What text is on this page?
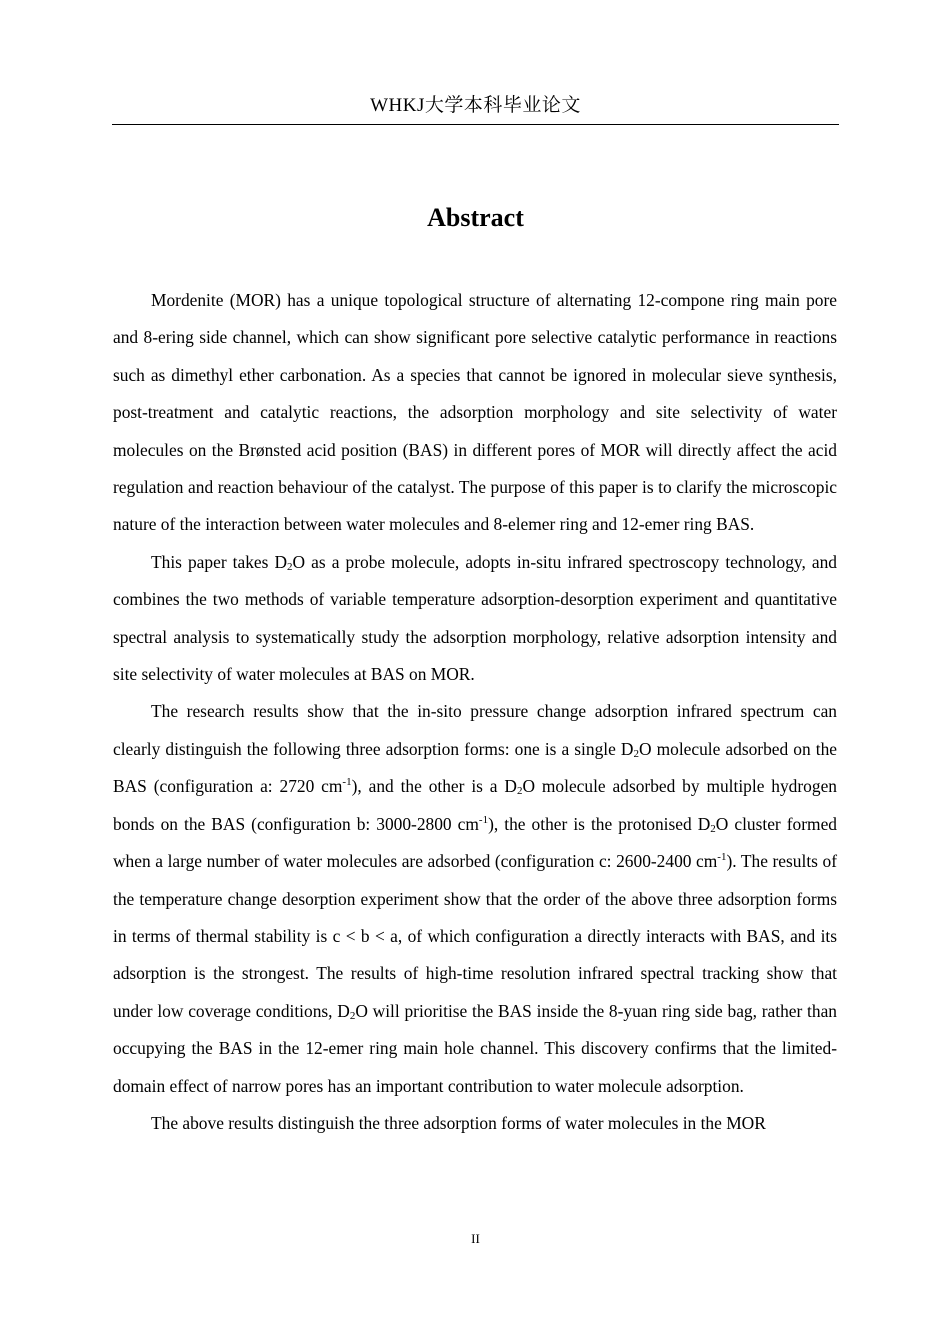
WHKJ大学本科毕业论文
Abstract

Mordenite (MOR) has a unique topological structure of alternating 12-compone ring main pore and 8-ering side channel, which can show significant pore selective catalytic performance in reactions such as dimethyl ether carbonation. As a species that cannot be ignored in molecular sieve synthesis, post-treatment and catalytic reactions, the adsorption morphology and site selectivity of water molecules on the Brønsted acid position (BAS) in different pores of MOR will directly affect the acid regulation and reaction behaviour of the catalyst. The purpose of this paper is to clarify the microscopic nature of the interaction between water molecules and 8-elemer ring and 12-emer ring BAS.

This paper takes $D_2O$ as a probe molecule, adopts in-situ infrared spectroscopy technology, and combines the two methods of variable temperature adsorption-desorption experiment and quantitative spectral analysis to systematically study the adsorption morphology, relative adsorption intensity and site selectivity of water molecules at BAS on MOR.

The research results show that the in-sito pressure change adsorption infrared spectrum can clearly distinguish the following three adsorption forms: one is a single $D_2O$ molecule adsorbed on the BAS (configuration a: 2720 $cm^{-1}$), and the other is a $D_2O$ molecule adsorbed by multiple hydrogen bonds on the BAS (configuration b: 3000-2800 $cm^{-1}$), the other is the protonised $D_2O$ cluster formed when a large number of water molecules are adsorbed (configuration c: 2600-2400 $cm^{-1}$). The results of the temperature change desorption experiment show that the order of the above three adsorption forms in terms of thermal stability is c < b < a, of which configuration a directly interacts with BAS, and its adsorption is the strongest. The results of high-time resolution infrared spectral tracking show that under low coverage conditions, $D_2O$ will prioritise the BAS inside the 8-yuan ring side bag, rather than occupying the BAS in the 12-emer ring main hole channel. This discovery confirms that the limited-domain effect of narrow pores has an important contribution to water molecule adsorption.

The above results distinguish the three adsorption forms of water molecules in the MOR

II
